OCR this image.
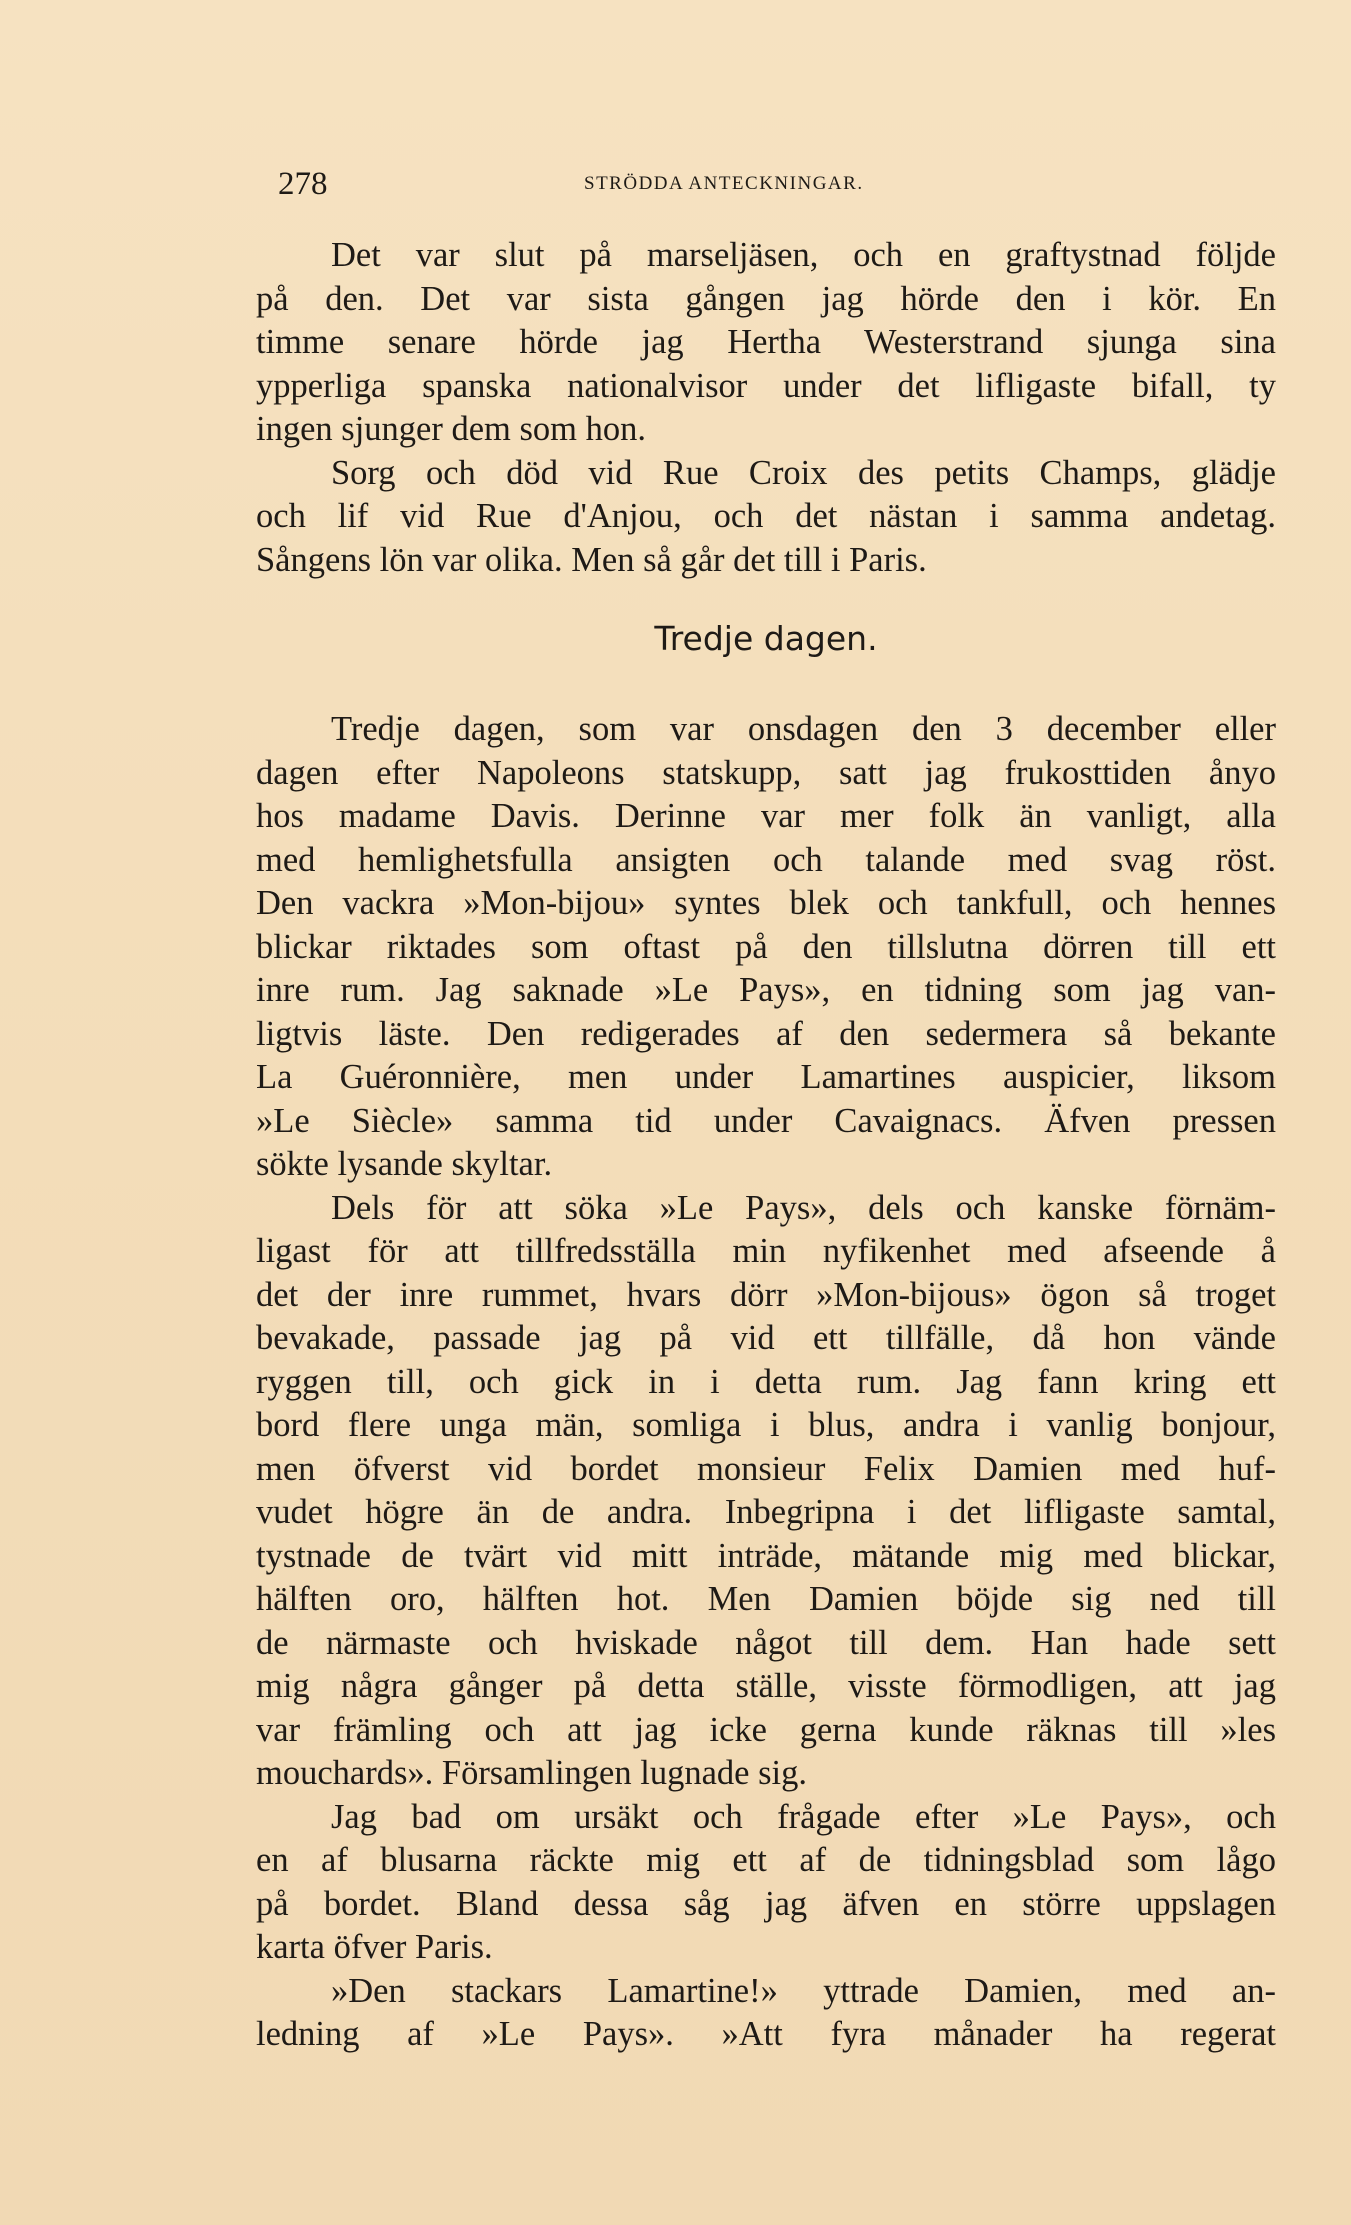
278	STRÖDDA ANTECKNINGAR.
Det var slut på marseljäsen, och en graftystnad följde
på den. Det var sista gången jag hörde den i kör. En
timme senare hörde jag Hertha Westerstrand sjunga sina
ypperliga spanska nationalvisor under det lifligaste bifall, ty
ingen sjunger dem som hon.
Sorg och död vid Rue Croix des petits Champs, glädje
och lif vid Rue d'Anjou, och det nästan i samma andetag.
Sångens lön var olika. Men så går det till i Paris.
Tredje dagen.
Tredje dagen, som var onsdagen den 3 december eller
dagen efter Napoleons statskupp, satt jag frukosttiden ånyo
hos madame Davis. Derinne var mer folk än vanligt, alla
med hemlighetsfulla ansigten och talande med svag röst.
Den vackra »Mon-bijou» syntes blek och tankfull, och hennes
blickar riktades som oftast på den tillslutna dörren till ett
inre rum. Jag saknade »Le Pays», en tidning som jag van-
ligtvis läste. Den redigerades af den sedermera så bekante
La Guéronnière, men under Lamartines auspicier, liksom
»Le Siècle» samma tid under Cavaignacs. Äfven pressen
sökte lysande skyltar.
Dels för att söka »Le Pays», dels och kanske förnäm-
ligast för att tillfredsställa min nyfikenhet med afseende å
det der inre rummet, hvars dörr »Mon-bijous» ögon så troget
bevakade, passade jag på vid ett tillfälle, då hon vände
ryggen till, och gick in i detta rum. Jag fann kring ett
bord flere unga män, somliga i blus, andra i vanlig bonjour,
men öfverst vid bordet monsieur Felix Damien med huf-
vudet högre än de andra. Inbegripna i det lifligaste samtal,
tystnade de tvärt vid mitt inträde, mätande mig med blickar,
hälften oro, hälften hot. Men Damien böjde sig ned till
de närmaste och hviskade något till dem. Han hade sett
mig några gånger på detta ställe, visste förmodligen, att jag
var främling och att jag icke gerna kunde räknas till »les
mouchards». Församlingen lugnade sig.
Jag bad om ursäkt och frågade efter »Le Pays», och
en af blusarna räckte mig ett af de tidningsblad som lågo
på bordet. Bland dessa såg jag äfven en större uppslagen
karta öfver Paris.
»Den stackars Lamartine!» yttrade Damien, med an-
ledning af »Le Pays». »Att fyra månader ha regerat
